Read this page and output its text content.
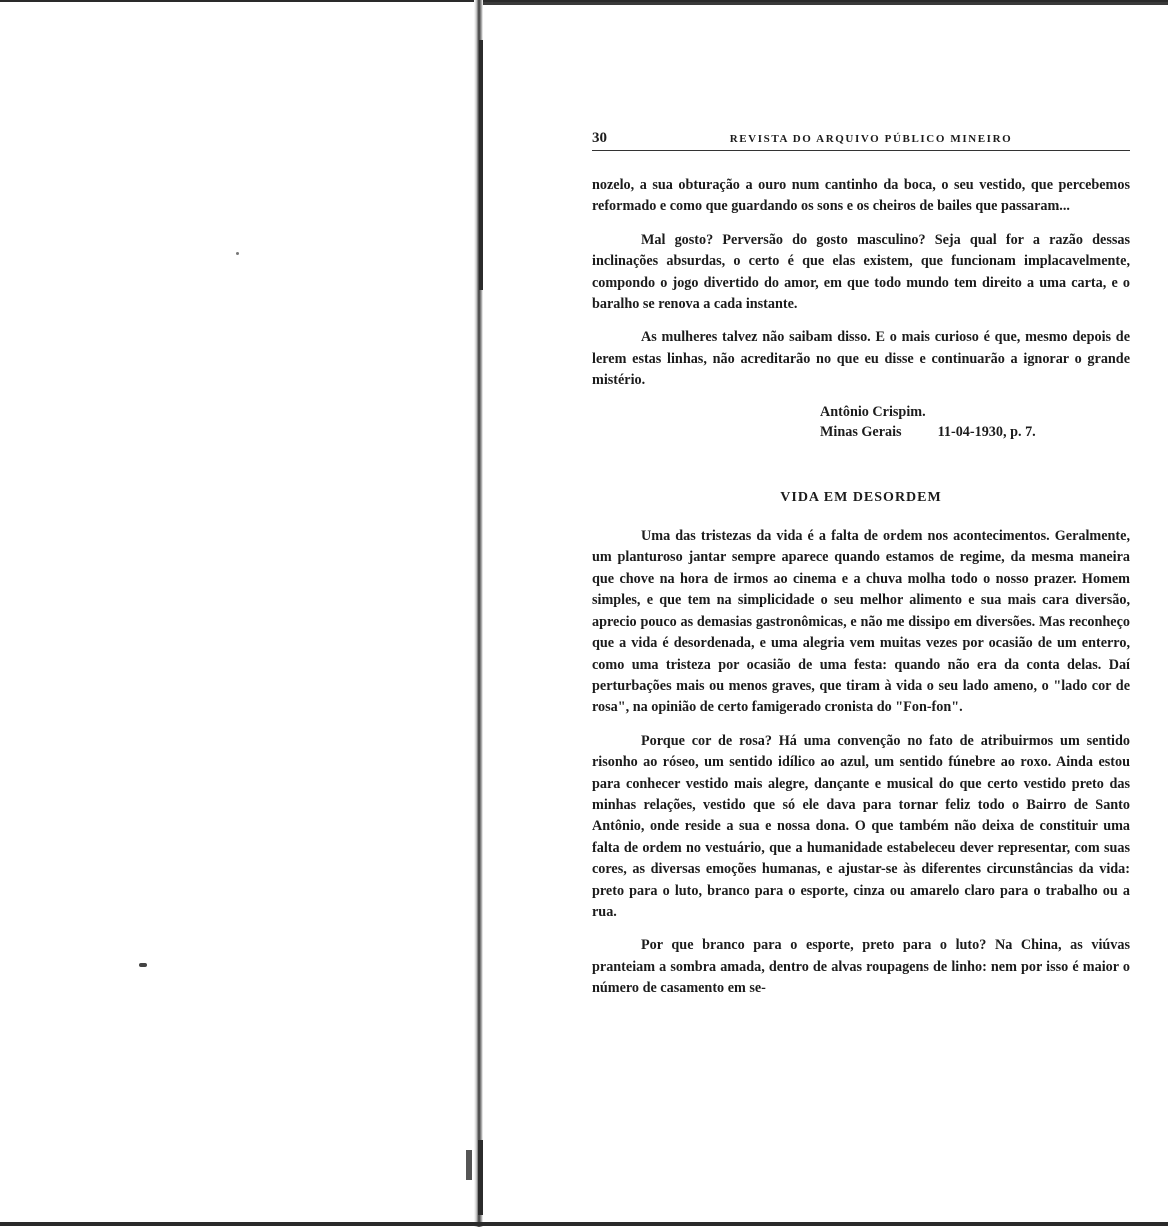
30	REVISTA DO ARQUIVO PÚBLICO MINEIRO

nozelo, a sua obturação a ouro num cantinho da boca, o seu vestido, que percebemos reformado e como que guardando os sons e os cheiros de bailes que passaram...

Mal gosto? Perversão do gosto masculino? Seja qual for a razão dessas inclinações absurdas, o certo é que elas existem, que funcionam implacavelmente, compondo o jogo divertido do amor, em que todo mundo tem direito a uma carta, e o baralho se renova a cada instante.

As mulheres talvez não saibam disso. E o mais curioso é que, mesmo depois de lerem estas linhas, não acreditarão no que eu disse e continuarão a ignorar o grande mistério.

Antônio Crispim.
Minas Gerais	11-04-1930, p. 7.
VIDA EM DESORDEM

Uma das tristezas da vida é a falta de ordem nos acontecimentos. Geralmente, um planturoso jantar sempre aparece quando estamos de regime, da mesma maneira que chove na hora de irmos ao cinema e a chuva molha todo o nosso prazer. Homem simples, e que tem na simplicidade o seu melhor alimento e sua mais cara diversão, aprecio pouco as demasias gastronômicas, e não me dissipo em diversões. Mas reconheço que a vida é desordenada, e uma alegria vem muitas vezes por ocasião de um enterro, como uma tristeza por ocasião de uma festa: quando não era da conta delas. Daí perturbações mais ou menos graves, que tiram à vida o seu lado ameno, o "lado cor de rosa", na opinião de certo famigerado cronista do "Fon-fon".

Porque cor de rosa? Há uma convenção no fato de atribuirmos um sentido risonho ao róseo, um sentido idílico ao azul, um sentido fúnebre ao roxo. Ainda estou para conhecer vestido mais alegre, dançante e musical do que certo vestido preto das minhas relações, vestido que só ele dava para tornar feliz todo o Bairro de Santo Antônio, onde reside a sua e nossa dona. O que também não deixa de constituir uma falta de ordem no vestuário, que a humanidade estabeleceu dever representar, com suas cores, as diversas emoções humanas, e ajustar-se às diferentes circunstâncias da vida: preto para o luto, branco para o esporte, cinza ou amarelo claro para o trabalho ou a rua.

Por que branco para o esporte, preto para o luto? Na China, as viúvas pranteiam a sombra amada, dentro de alvas roupagens de linho: nem por isso é maior o número de casamento em se-
